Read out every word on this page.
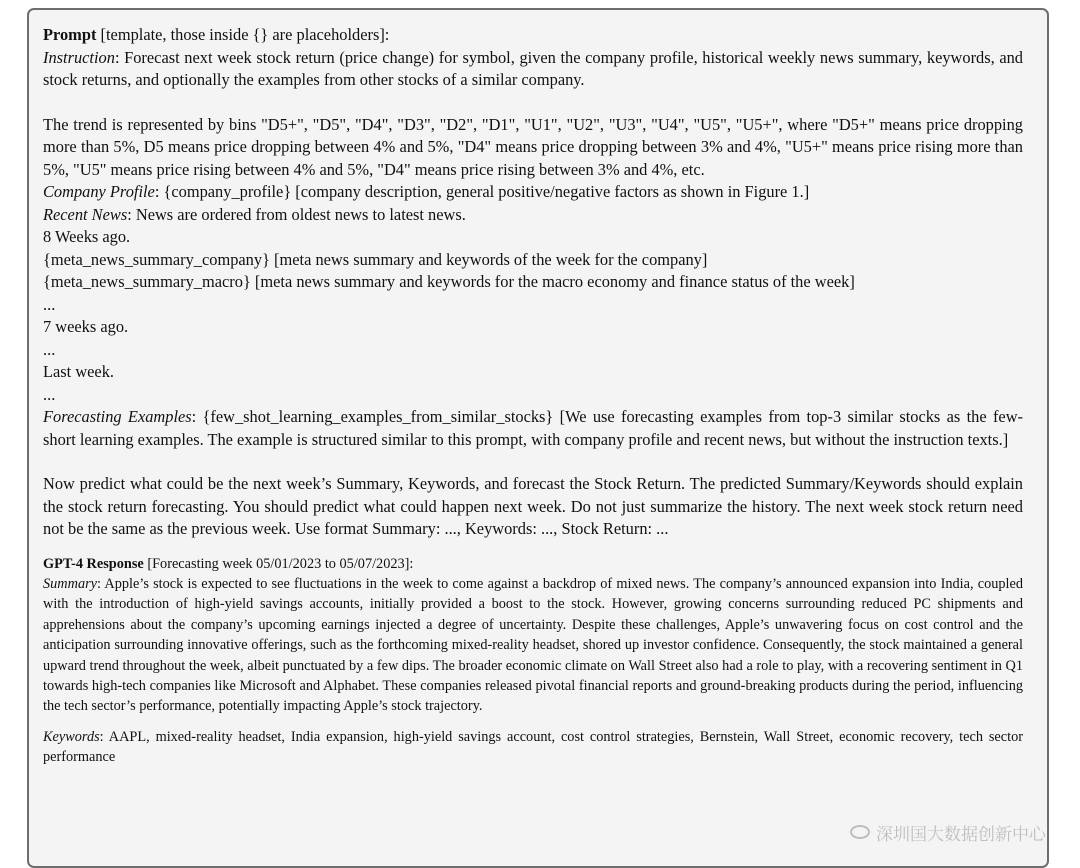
Prompt [template, those inside {} are placeholders]:
Instruction: Forecast next week stock return (price change) for symbol, given the company profile, historical weekly news summary, keywords, and stock returns, and optionally the examples from other stocks of a similar company.

The trend is represented by bins "D5+", "D5", "D4", "D3", "D2", "D1", "U1", "U2", "U3", "U4", "U5", "U5+", where "D5+" means price dropping more than 5%, D5 means price dropping between 4% and 5%, "D4" means price dropping between 3% and 4%, "U5+" means price rising more than 5%, "U5" means price rising between 4% and 5%, "D4" means price rising between 3% and 4%, etc.
Company Profile: {company_profile} [company description, general positive/negative factors as shown in Figure 1.]
Recent News: News are ordered from oldest news to latest news.
8 Weeks ago.
{meta_news_summary_company} [meta news summary and keywords of the week for the company]
{meta_news_summary_macro} [meta news summary and keywords for the macro economy and finance status of the week]
...
7 weeks ago.
...
Last week.
...
Forecasting Examples: {few_shot_learning_examples_from_similar_stocks} [We use forecasting examples from top-3 similar stocks as the few-short learning examples. The example is structured similar to this prompt, with company profile and recent news, but without the instruction texts.]

Now predict what could be the next week’s Summary, Keywords, and forecast the Stock Return. The predicted Summary/Keywords should explain the stock return forecasting. You should predict what could happen next week. Do not just summarize the history. The next week stock return need not be the same as the previous week. Use format Summary: ..., Keywords: ..., Stock Return: ...

GPT-4 Response [Forecasting week 05/01/2023 to 05/07/2023]:
Summary: Apple’s stock is expected to see fluctuations in the week to come against a backdrop of mixed news. The company’s announced expansion into India, coupled with the introduction of high-yield savings accounts, initially provided a boost to the stock. However, growing concerns surrounding reduced PC shipments and apprehensions about the company’s upcoming earnings injected a degree of uncertainty. Despite these challenges, Apple’s unwavering focus on cost control and the anticipation surrounding innovative offerings, such as the forthcoming mixed-reality headset, shored up investor confidence. Consequently, the stock maintained a general upward trend throughout the week, albeit punctuated by a few dips. The broader economic climate on Wall Street also had a role to play, with a recovering sentiment in Q1 towards high-tech companies like Microsoft and Alphabet. These companies released pivotal financial reports and ground-breaking products during the period, influencing the tech sector’s performance, potentially impacting Apple’s stock trajectory.

Keywords: AAPL, mixed-reality headset, India expansion, high-yield savings account, cost control strategies, Bernstein, Wall Street, economic recovery, tech sector performance

深圳国大数据创新中心
